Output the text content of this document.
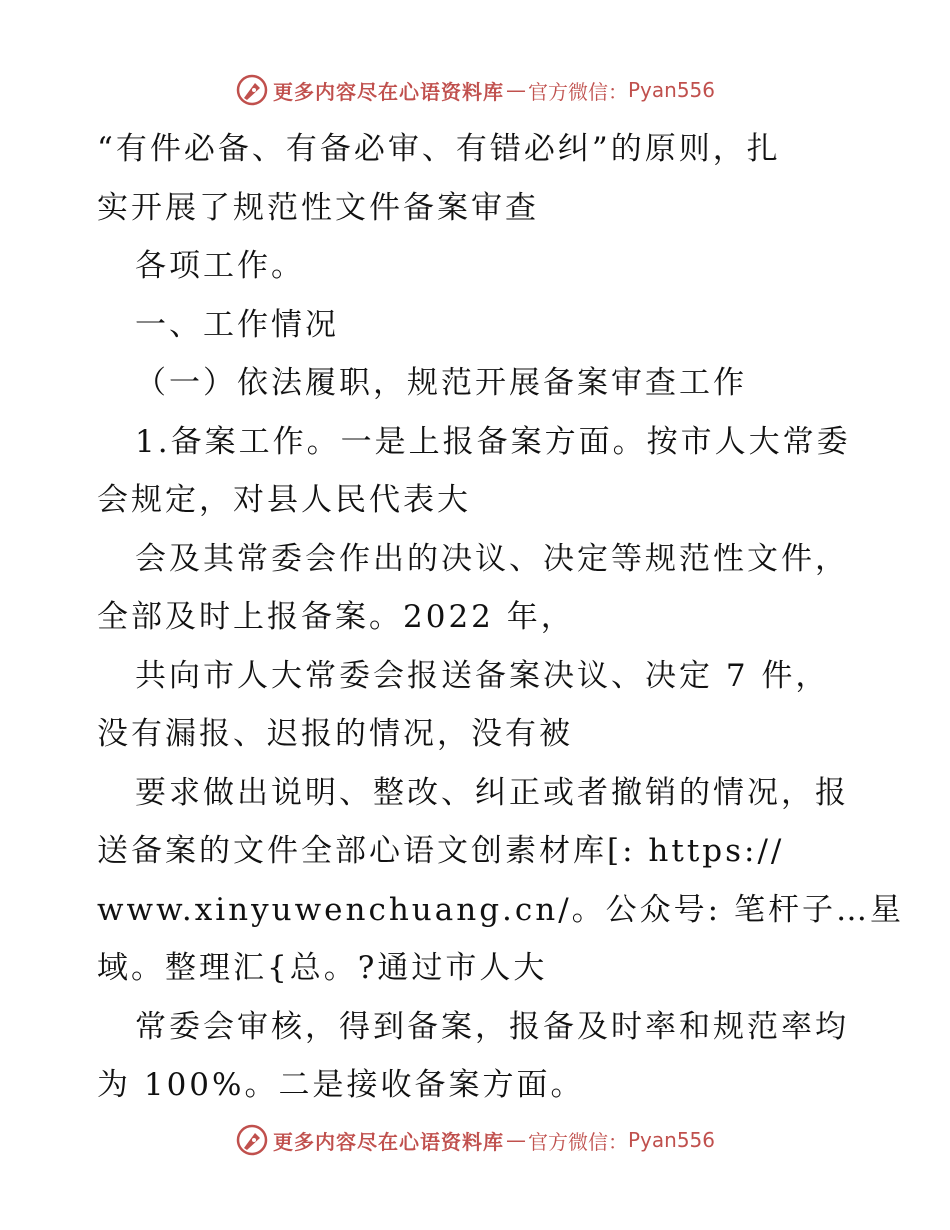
更多内容尽在心语资料库 — 官方微信： Pyan556
“有件必备、有备必审、有错必纠”的原则，扎
实开展了规范性文件备案审查
各项工作。
一、工作情况
（一）依法履职，规范开展备案审查工作
1.备案工作。一是上报备案方面。按市人大常委
会规定，对县人民代表大
会及其常委会作出的决议、决定等规范性文件，
全部及时上报备案。2022 年，
共向市人大常委会报送备案决议、决定 7 件，
没有漏报、迟报的情况，没有被
要求做出说明、整改、纠正或者撤销的情况，报
送备案的文件全部心语文创素材库[: https://
www.xinyuwenchuang.cn/。公众号: 笔杆子…星
域。整理汇{总。?通过市人大
常委会审核，得到备案，报备及时率和规范率均
为 100%。二是接收备案方面。
更多内容尽在心语资料库 — 官方微信： Pyan556
